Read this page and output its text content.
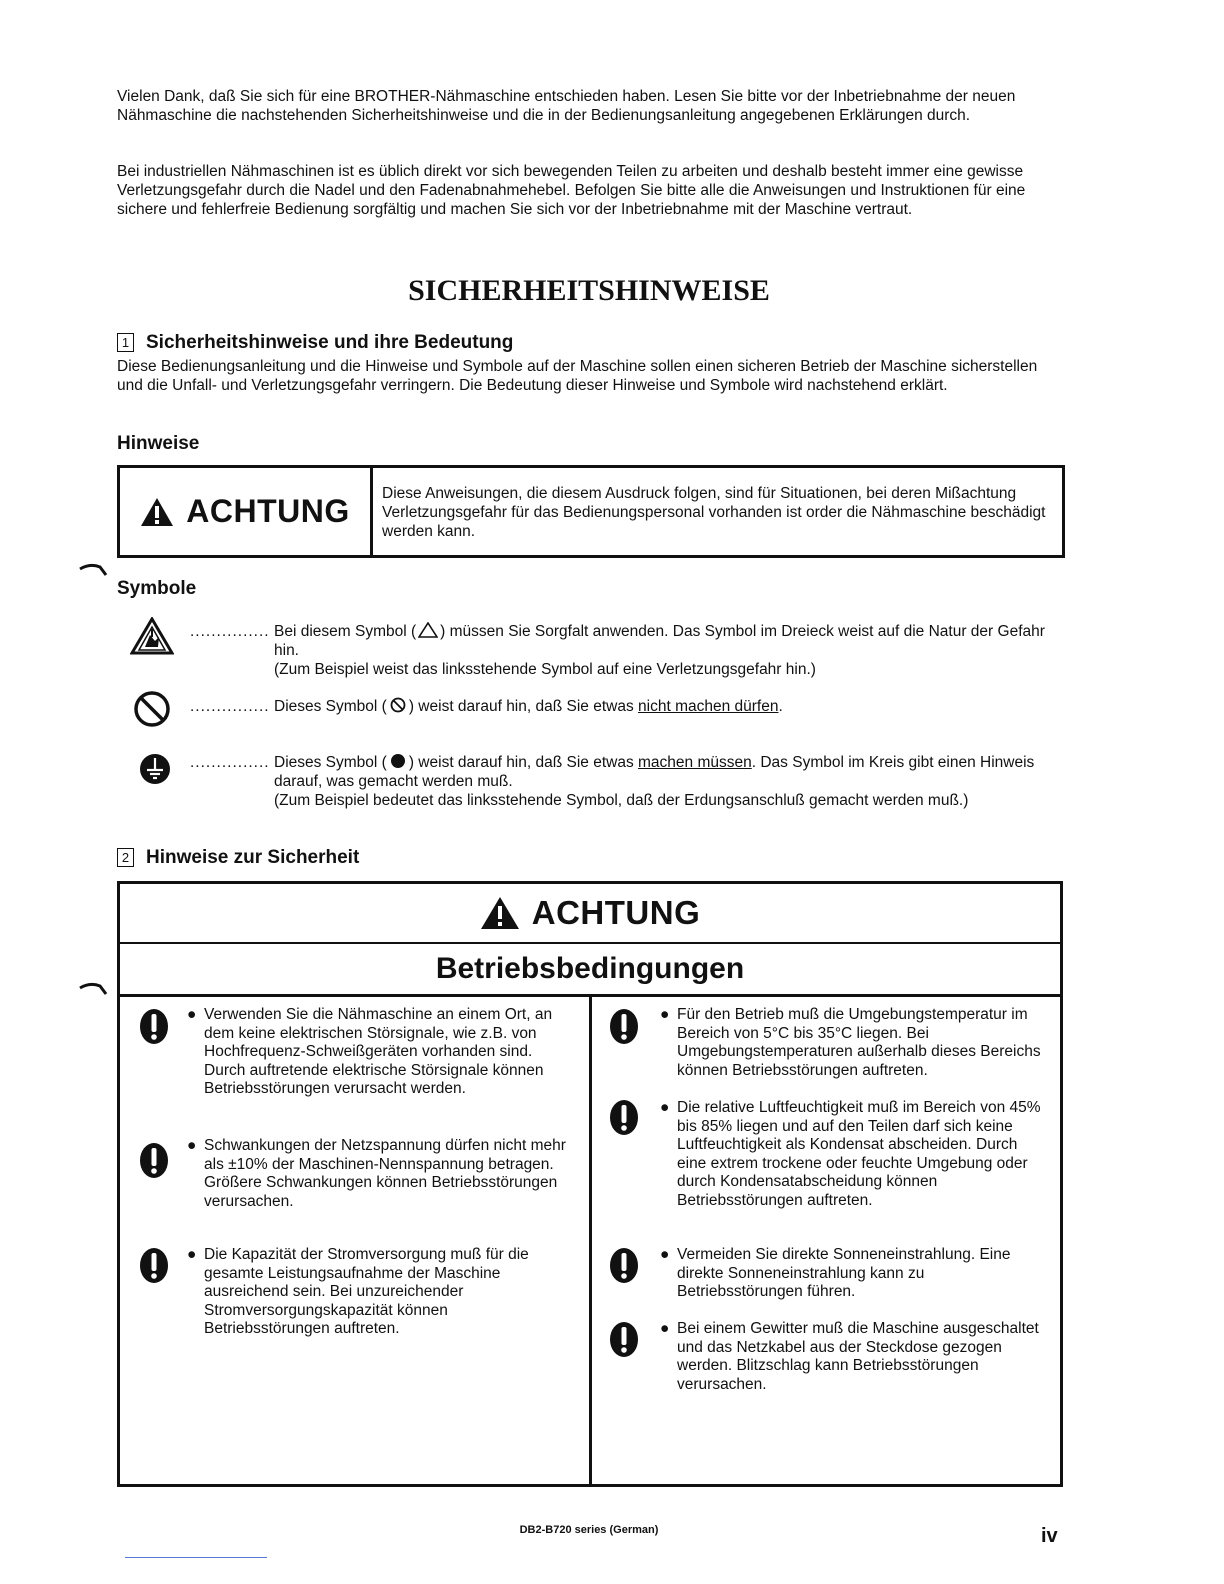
Vielen Dank, daß Sie sich für eine BROTHER-Nähmaschine entschieden haben. Lesen Sie bitte vor der Inbetriebnahme der neuen Nähmaschine die nachstehenden Sicherheitshinweise und die in der Bedienungsanleitung angegebenen Erklärungen durch.

Bei industriellen Nähmaschinen ist es üblich direkt vor sich bewegenden Teilen zu arbeiten und deshalb besteht immer eine gewisse Verletzungsgefahr durch die Nadel und den Fadenabnahmehebel. Befolgen Sie bitte alle die Anweisungen und Instruktionen für eine sichere und fehlerfreie Bedienung sorgfältig und machen Sie sich vor der Inbetriebnahme mit der Maschine vertraut.

SICHERHEITSHINWEISE
1 Sicherheitshinweise und ihre Bedeutung

Diese Bedienungsanleitung und die Hinweise und Symbole auf der Maschine sollen einen sicheren Betrieb der Maschine sicherstellen und die Unfall- und Verletzungsgefahr verringern. Die Bedeutung dieser Hinweise und Symbole wird nachstehend erklärt.

Hinweise
ACHTUNG Diese Anweisungen, die diesem Ausdruck folgen, sind für Situationen, bei deren Mißachtung Verletzungsgefahr für das Bedienungspersonal vorhanden ist order die Nähmaschine beschädigt werden kann.

Symbole
............... Bei diesem Symbol ( ) müssen Sie Sorgfalt anwenden. Das Symbol im Dreieck weist auf die Natur der Gefahr hin.
(Zum Beispiel weist das linksstehende Symbol auf eine Verletzungsgefahr hin.)
............... Dieses Symbol ( ) weist darauf hin, daß Sie etwas nicht machen dürfen.
............... Dieses Symbol ( ) weist darauf hin, daß Sie etwas machen müssen. Das Symbol im Kreis gibt einen Hinweis darauf, was gemacht werden muß.
(Zum Beispiel bedeutet das linksstehende Symbol, daß der Erdungsanschluß gemacht werden muß.)
2 Hinweise zur Sicherheit
ACHTUNG
Betriebsbedingungen
● Verwenden Sie die Nähmaschine an einem Ort, an dem keine elektrischen Störsignale, wie z.B. von Hochfrequenz-Schweißgeräten vorhanden sind. Durch auftretende elektrische Störsignale können Betriebsstörungen verursacht werden.
● Schwankungen der Netzspannung dürfen nicht mehr als ±10% der Maschinen-Nennspannung betragen. Größere Schwankungen können Betriebsstörungen verursachen.
● Die Kapazität der Stromversorgung muß für die gesamte Leistungsaufnahme der Maschine ausreichend sein. Bei unzureichender Stromversorgungskapazität können Betriebsstörungen auftreten.
● Für den Betrieb muß die Umgebungstemperatur im Bereich von 5°C bis 35°C liegen. Bei Umgebungstemperaturen außerhalb dieses Bereichs können Betriebsstörungen auftreten.
● Die relative Luftfeuchtigkeit muß im Bereich von 45% bis 85% liegen und auf den Teilen darf sich keine Luftfeuchtigkeit als Kondensat abscheiden. Durch eine extrem trockene oder feuchte Umgebung oder durch Kondensatabscheidung können Betriebsstörungen auftreten.
● Vermeiden Sie direkte Sonneneinstrahlung. Eine direkte Sonneneinstrahlung kann zu Betriebsstörungen führen.
● Bei einem Gewitter muß die Maschine ausgeschaltet und das Netzkabel aus der Steckdose gezogen werden. Blitzschlag kann Betriebsstörungen verursachen.
DB2-B720 series (German)	iv
